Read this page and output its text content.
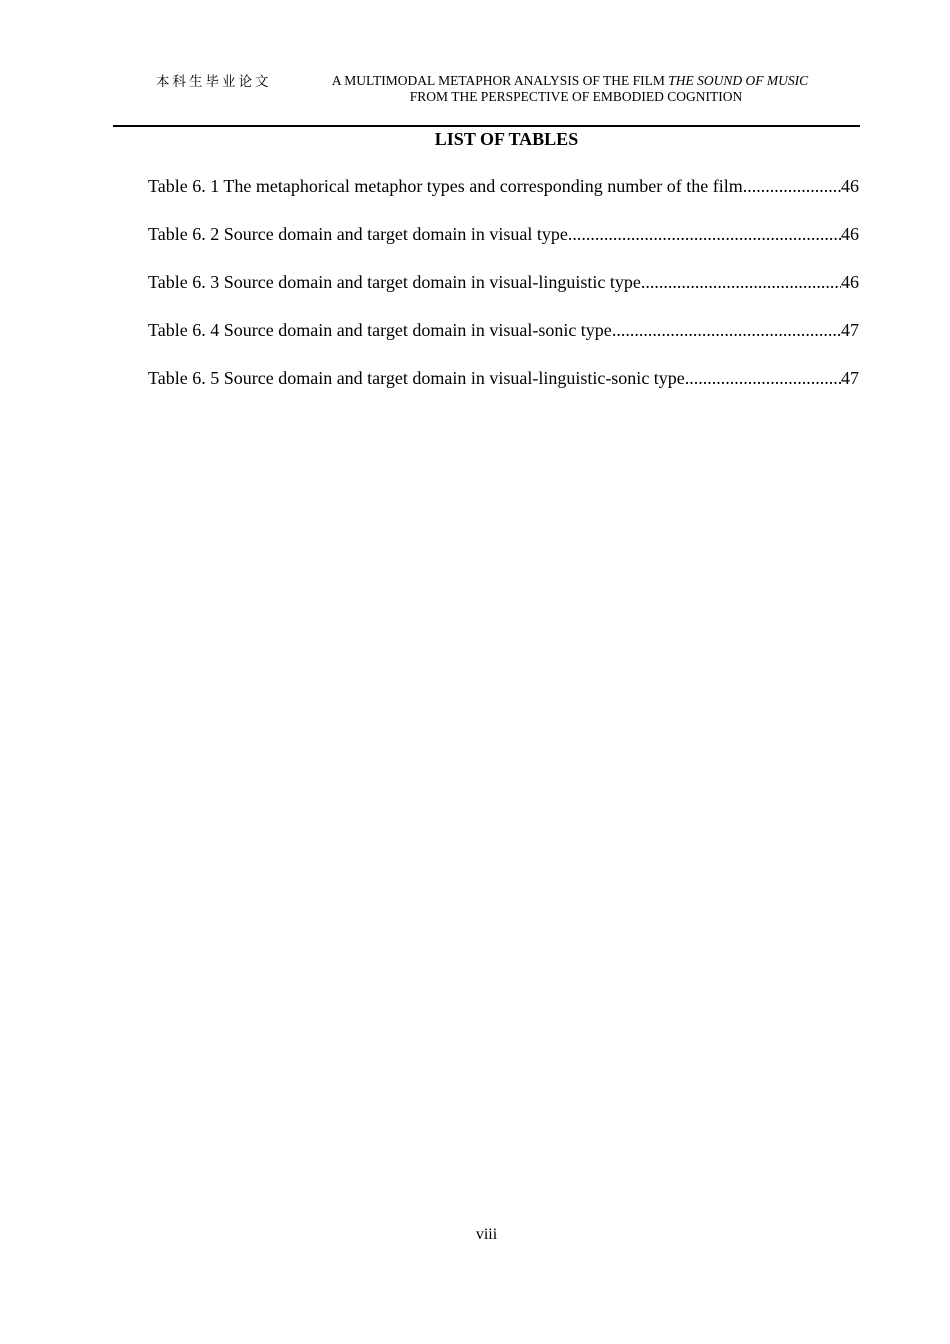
本科生毕业论文	A MULTIMODAL METAPHOR ANALYSIS OF THE FILM THE SOUND OF MUSIC
FROM THE PERSPECTIVE OF EMBODIED COGNITION
LIST OF TABLES
Table 6. 1 The metaphorical metaphor types and corresponding number of the film .....	46
Table 6. 2 Source domain and target domain in visual type .....	46
Table 6. 3 Source domain and target domain in visual-linguistic type .....	46
Table 6. 4 Source domain and target domain in visual-sonic type .....	47
Table 6. 5 Source domain and target domain in visual-linguistic-sonic type .....	47
viii
